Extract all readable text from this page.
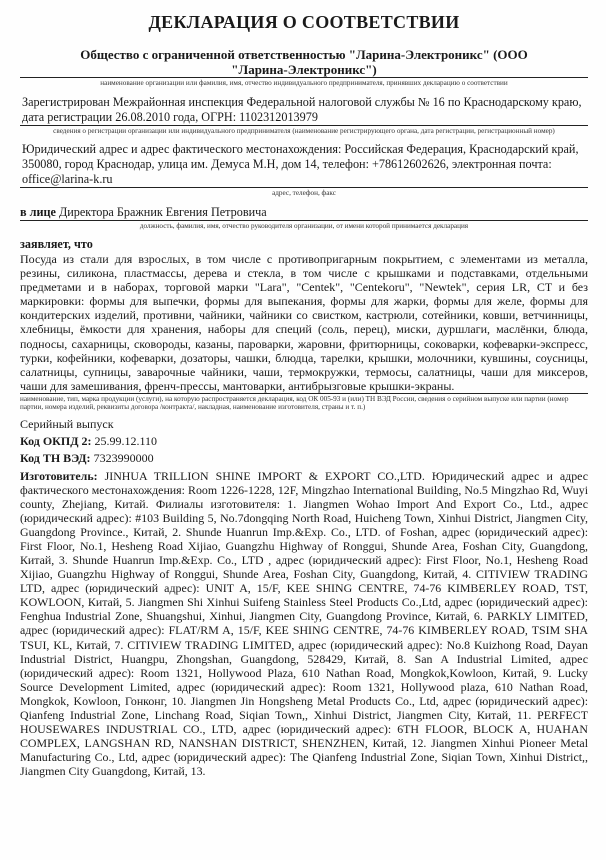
ДЕКЛАРАЦИЯ О СООТВЕТСТВИИ
Общество с ограниченной ответственностью "Ларина-Электроникс" (ООО "Ларина-Электроникс")
наименование организации или фамилия, имя, отчество индивидуального предпринимателя, принявших декларацию о соответствии
Зарегистрирован Межрайонная инспекция Федеральной налоговой службы № 16 по Краснодарскому краю, дата регистрации 26.08.2010 года, ОГРН: 1102312013979
сведения о регистрации организации или индивидуального предпринимателя (наименование регистрирующего органа, дата регистрации, регистрационный номер)
Юридический адрес и адрес фактического местонахождения: Российская Федерация, Краснодарский край, 350080, город Краснодар, улица им. Демуса М.Н, дом 14, телефон: +78612602626, электронная почта: office@larina-k.ru
адрес, телефон, факс
в лице Директора Бражник Евгения Петровича
должность, фамилия, имя, отчество руководителя организации, от имени которой принимается декларация
заявляет, что
Посуда из стали для взрослых, в том числе с противопригарным покрытием, с элементами из металла, резины, силикона, пластмассы, дерева и стекла, в том числе с крышками и подставками, отдельными предметами и в наборах, торговой марки "Lara", "Centek", "Centekoru", "Newtek", серия LR, CT и без маркировки: формы для выпечки, формы для выпекания, формы для жарки, формы для желе, формы для кондитерских изделий, противни, чайники, чайники со свистком, кастрюли, сотейники, ковши, ветчинницы, хлебницы, ёмкости для хранения, наборы для специй (соль, перец), миски, дуршлаги, маслёнки, блюда, подносы, сахарницы, сковороды, казаны, пароварки, жаровни, фритюрницы, соковарки, кофеварки-экспресс, турки, кофейники, кофеварки, дозаторы, чашки, блюдца, тарелки, крышки, молочники, кувшины, соусницы, салатницы, супницы, заварочные чайники, чаши, термокружки, термосы, салатницы, чаши для миксеров, чаши для замешивания, френч-прессы, мантоварки, антибрызговые крышки-экраны.
наименование, тип, марка продукции (услуги), на которую распространяется декларация, код ОК 005-93 и (или) ТН ВЭД России, сведения о серийном выпуске или партии (номер партии, номера изделий, реквизиты договора /контракта/, накладная, наименование изготовителя, страны и т. п.)
Серийный выпуск
Код ОКПД 2: 25.99.12.110
Код ТН ВЭД: 7323990000
Изготовитель: JINHUA TRILLION SHINE IMPORT & EXPORT CO.,LTD. Юридический адрес и адрес фактического местонахождения: Room 1226-1228, 12F, Mingzhao International Building, No.5 Mingzhao Rd, Wuyi county, Zhejiang, Китай. Филиалы изготовителя: 1. Jiangmen Wohao Import And Export Co., Ltd., адрес (юридический адрес): #103 Building 5, No.7dongqing North Road, Huicheng Town, Xinhui District, Jiangmen City, Guangdong Province., Китай, 2. Shunde Huanrun Imp.&Exp. Co., LTD. of Foshan, адрес (юридический адрес): First Floor, No.1, Hesheng Road Xijiao, Guangzhu Highway of Ronggui, Shunde Area, Foshan City, Guangdong, Китай, 3. Shunde Huanrun Imp.&Exp. Co., LTD , адрес (юридический адрес): First Floor, No.1, Hesheng Road Xijiao, Guangzhu Highway of Ronggui, Shunde Area, Foshan City, Guangdong, Китай, 4. CITIVIEW TRADING LTD, адрес (юридический адрес): UNIT A, 15/F, KEE SHING CENTRE, 74-76 KIMBERLEY ROAD, TST, KOWLOON, Китай, 5. Jiangmen Shi Xinhui Suifeng Stainless Steel Products Co.,Ltd, адрес (юридический адрес): Fenghua Industrial Zone, Shuangshui, Xinhui, Jiangmen City, Guangdong Province, Китай, 6. PARKLY LIMITED, адрес (юридический адрес): FLAT/RM A, 15/F, KEE SHING CENTRE, 74-76 KIMBERLEY ROAD, TSIM SHA TSUI, KL, Китай, 7. CITIVIEW TRADING LIMITED, адрес (юридический адрес): No.8 Kuizhong Road, Dayan Industrial District, Huangpu, Zhongshan, Guangdong, 528429, Китай, 8. San A Industrial Limited, адрес (юридический адрес): Room 1321, Hollywood Plaza, 610 Nathan Road, Mongkok,Kowloon, Китай, 9. Lucky Source Development Limited, адрес (юридический адрес): Room 1321, Hollywood plaza, 610 Nathan Road, Mongkok, Kowloon, Гонконг, 10. Jiangmen Jin Hongsheng Metal Products Co., Ltd, адрес (юридический адрес): Qianfeng Industrial Zone, Linchang Road, Siqian Town,, Xinhui District, Jiangmen City, Китай, 11. PERFECT HOUSEWARES INDUSTRIAL CO., LTD, адрес (юридический адрес): 6TH FLOOR, BLOCK A, HUAHAN COMPLEX, LANGSHAN RD, NANSHAN DISTRICT, SHENZHEN, Китай, 12. Jiangmen Xinhui Pioneer Metal Manufacturing Co., Ltd, адрес (юридический адрес): The Qianfeng Industrial Zone, Siqian Town, Xinhui District,, Jiangmen City Guangdong, Китай, 13.
